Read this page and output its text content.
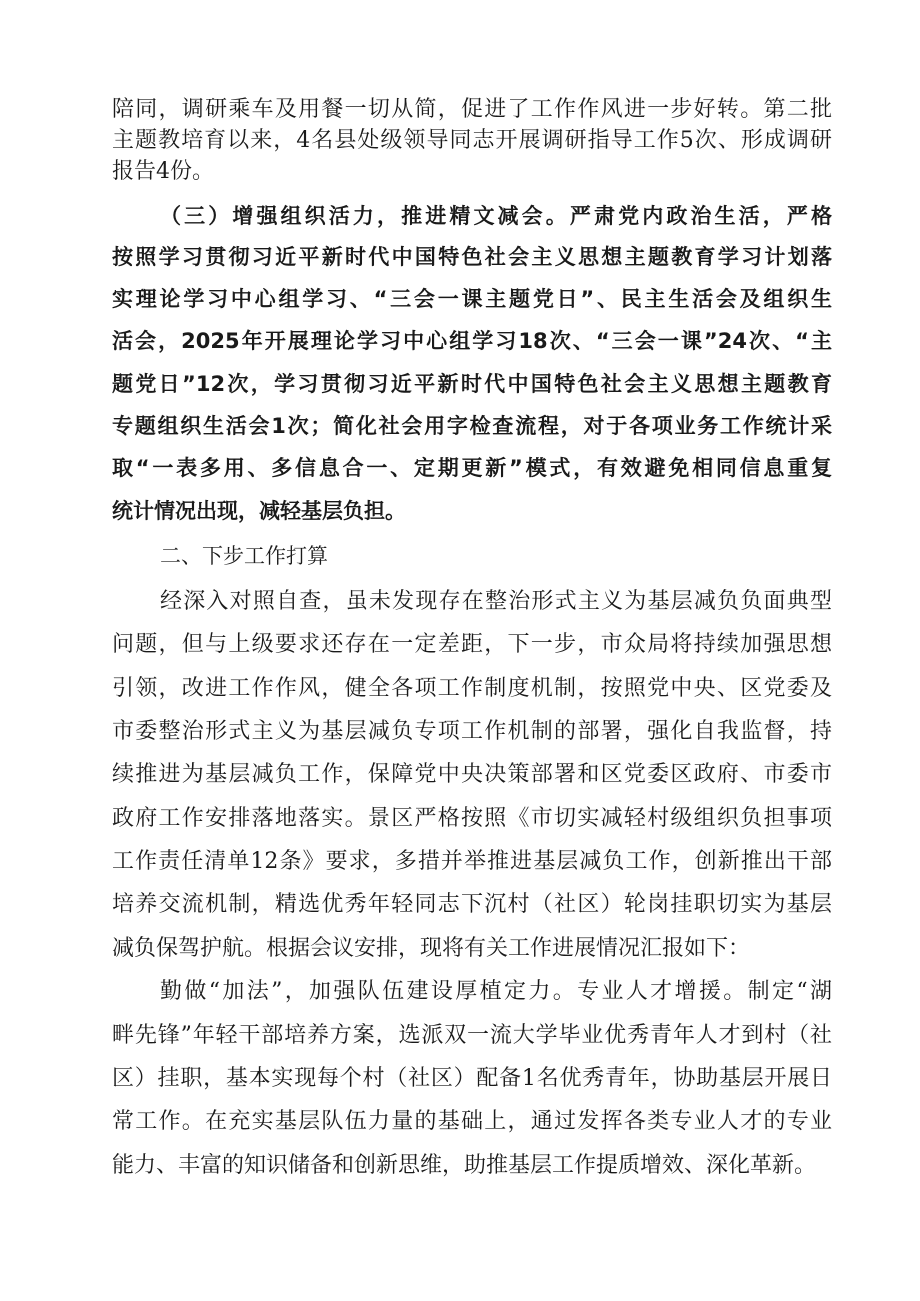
陪同，调研乘车及用餐一切从简，促进了工作作风进一步好转。第二批
主题教培育以来，4名县处级领导同志开展调研指导工作5次、形成调研
报告4份。
（三）增强组织活力，推进精文减会。严肃党内政治生活，严格
按照学习贯彻习近平新时代中国特色社会主义思想主题教育学习计划落
实理论学习中心组学习、“三会一课主题党日”、民主生活会及组织生
活会，2025年开展理论学习中心组学习18次、“三会一课”24次、“主
题党日”12次，学习贯彻习近平新时代中国特色社会主义思想主题教育
专题组织生活会1次；简化社会用字检查流程，对于各项业务工作统计采
取“一表多用、多信息合一、定期更新”模式，有效避免相同信息重复
统计情况出现，减轻基层负担。
二、下步工作打算
经深入对照自查，虽未发现存在整治形式主义为基层减负负面典型
问题，但与上级要求还存在一定差距，下一步，市众局将持续加强思想
引领，改进工作作风，健全各项工作制度机制，按照党中央、区党委及
市委整治形式主义为基层减负专项工作机制的部署，强化自我监督，持
续推进为基层减负工作，保障党中央决策部署和区党委区政府、市委市
政府工作安排落地落实。景区严格按照《市切实减轻村级组织负担事项
工作责任清单12条》要求，多措并举推进基层减负工作，创新推出干部
培养交流机制，精选优秀年轻同志下沉村（社区）轮岗挂职切实为基层
减负保驾护航。根据会议安排，现将有关工作进展情况汇报如下：
勤做“加法”，加强队伍建设厚植定力。专业人才增援。制定“湖
畔先锋”年轻干部培养方案，选派双一流大学毕业优秀青年人才到村（社
区）挂职，基本实现每个村（社区）配备1名优秀青年，协助基层开展日
常工作。在充实基层队伍力量的基础上，通过发挥各类专业人才的专业
能力、丰富的知识储备和创新思维，助推基层工作提质增效、深化革新。
